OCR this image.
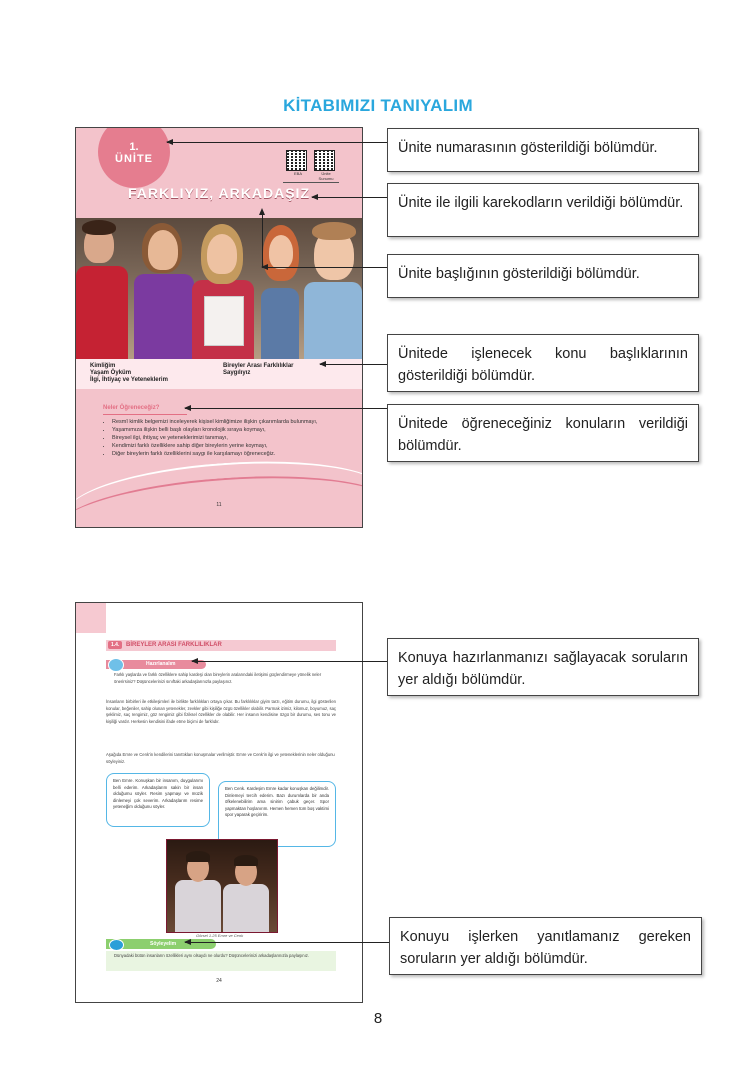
KİTABIMIZI TANIYALIM
1.
ÜNİTE
EBA	Ünite Sunumu
FARKLIYIZ, ARKADAŞIZ
Kimliğim
Yaşam Öyküm
İlgi, İhtiyaç ve Yeteneklerim
Bireyler Arası Farklılıklar
Saygılıyız
Neler Öğreneceğiz?
• Resmî kimlik belgemizi inceleyerek kişisel kimliğimize ilişkin çıkarımlarda bulunmayı,
• Yaşamımıza ilişkin belli başlı olayları kronolojik sıraya koymayı,
• Bireysel ilgi, ihtiyaç ve yeteneklerimizi tanımayı,
• Kendimizi farklı özelliklere sahip diğer bireylerin yerine koymayı,
• Diğer bireylerin farklı özelliklerini saygı ile karşılamayı öğreneceğiz.
11
1.4.	BİREYLER ARASI FARKLILIKLAR
Hazırlanalım
Farklı yaşlarda ve farklı özelliklere sahip kardeşi olan bireylerin aralarındaki iletişimi güçlendirmeye yönelik neler önerirsiniz? Düşüncelerinizi sınıftaki arkadaşlarınızla paylaşınız.
İnsanların birbirleri ile etkileşimleri ile birlikte farklılıkları ortaya çıkar. Bu farklılıklar giyim tarzı, eğitim durumu, ilgi gösterilen konular, beğeniler, sahip olunan yetenekler, zevkler gibi kişiliğe özgü özellikler olabilir. Parmak izimiz, kilomuz, boyumuz, saç şeklimiz, saç rengimiz, göz rengimiz gibi fiziksel özellikler de olabilir. Her insanın kendisine özgü bir durumu, ses tonu ve kişiliği vardır. Herkesin kendisini ifade etme biçimi de farklıdır.
Aşağıda Emre ve Cenk'in kendilerini tanıttıkları konuşmalar verilmiştir. Emre ve Cenk'in ilgi ve yeteneklerinin neler olduğunu söyleyiniz.
Ben Emre. Konuşkan bir insanım, duygularımı belli ederim. Arkadaşlarım sakin bir insan olduğumu söyler. Resim yapmayı ve müzik dinlemeyi çok severim. Arkadaşlarım resime yeteneğim olduğunu söyler.
Ben Cenk. Kardeşim Emre kadar konuşkan değilimdir. Dinlemeyi tercih ederim. Bazı durumlarda bir anda öfkelenebilirim ama sinirim çabuk geçer. Spor yapmaktan hoşlanırım. Hemen hemen tüm boş vaktimi spor yaparak geçiririm.
Görsel 1.25 Emre ve Cenk
Söyleyelim
Dünyadaki bütün insanların özellikleri aynı olsaydı ne olurdu? Düşüncelerinizi arkadaşlarınızla paylaşınız.
24
Ünite numarasının gösterildiği bölümdür.
Ünite ile ilgili karekodların verildiği bölümdür.
Ünite başlığının gösterildiği bölümdür.
Ünitede işlenecek konu başlıklarının gösterildiği bölümdür.
Ünitede öğreneceğiniz konuların verildiği bölümdür.
Konuya hazırlanmanızı sağlayacak soruların yer aldığı bölümdür.
Konuyu işlerken yanıtlamanız gereken soruların yer aldığı bölümdür.
8
